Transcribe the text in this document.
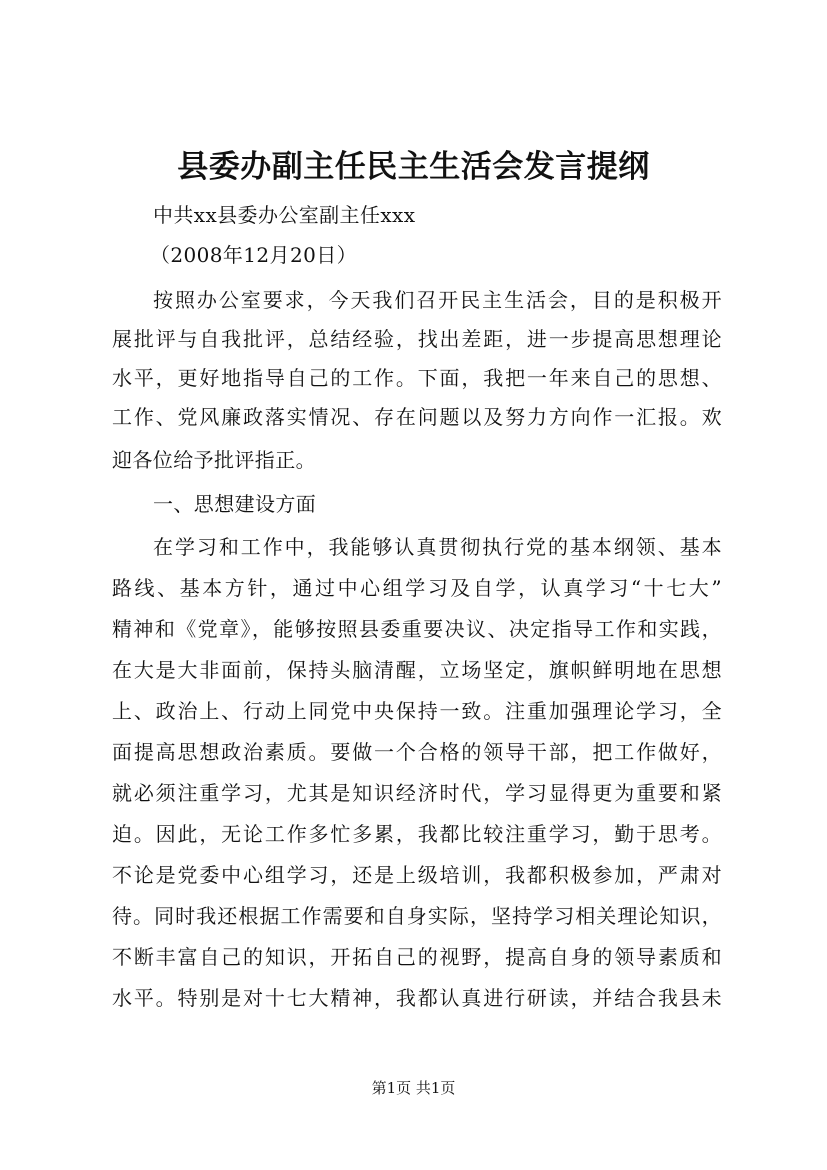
县委办副主任民主生活会发言提纲
中共xx县委办公室副主任xxx
（2008年12月20日）
按照办公室要求，今天我们召开民主生活会，目的是积极开
展批评与自我批评，总结经验，找出差距，进一步提高思想理论
水平，更好地指导自己的工作。下面，我把一年来自己的思想、
工作、党风廉政落实情况、存在问题以及努力方向作一汇报。欢
迎各位给予批评指正。
一、思想建设方面
在学习和工作中，我能够认真贯彻执行党的基本纲领、基本
路线、基本方针，通过中心组学习及自学，认真学习“十七大”
精神和《党章》，能够按照县委重要决议、决定指导工作和实践，
在大是大非面前，保持头脑清醒，立场坚定，旗帜鲜明地在思想
上、政治上、行动上同党中央保持一致。注重加强理论学习，全
面提高思想政治素质。要做一个合格的领导干部，把工作做好，
就必须注重学习，尤其是知识经济时代，学习显得更为重要和紧
迫。因此，无论工作多忙多累，我都比较注重学习，勤于思考。
不论是党委中心组学习，还是上级培训，我都积极参加，严肃对
待。同时我还根据工作需要和自身实际，坚持学习相关理论知识，
不断丰富自己的知识，开拓自己的视野，提高自身的领导素质和
水平。特别是对十七大精神，我都认真进行研读，并结合我县未
第1页 共1页
